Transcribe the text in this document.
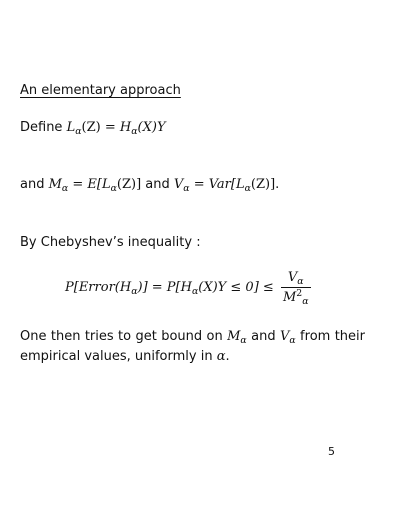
An elementary approach
Define $L_\alpha(Z) = H_\alpha(X)Y$
and $M_\alpha = E[L_\alpha(Z)]$ and $V_\alpha = Var[L_\alpha(Z)]$.
By Chebyshev’s inequality :
$P[Error(H_\alpha)] = P[H_\alpha(X)Y \le 0] \le \frac{V_\alpha}{M^2_\alpha}$
One then tries to get bound on $M_\alpha$ and $V_\alpha$ from their empirical values, uniformly in α.
5
